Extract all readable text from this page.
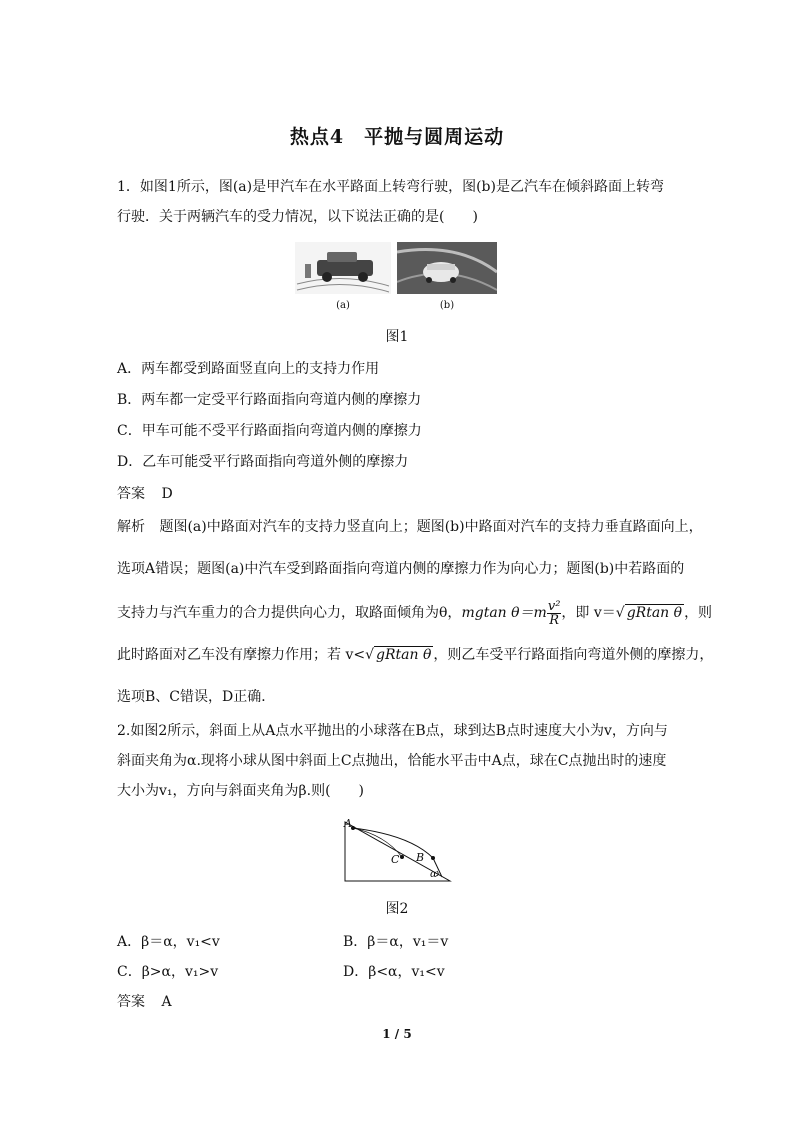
热点4　平抛与圆周运动
1．如图1所示，图(a)是甲汽车在水平路面上转弯行驶，图(b)是乙汽车在倾斜路面上转弯行驶．关于两辆汽车的受力情况，以下说法正确的是(　　)
(a)	(b)
图1
A．两车都受到路面竖直向上的支持力作用
B．两车都一定受平行路面指向弯道内侧的摩擦力
C．甲车可能不受平行路面指向弯道内侧的摩擦力
D．乙车可能受平行路面指向弯道外侧的摩擦力
答案 D
解析 题图(a)中路面对汽车的支持力竖直向上；题图(b)中路面对汽车的支持力垂直路面向上，
选项A错误；题图(a)中汽车受到路面指向弯道内侧的摩擦力作为向心力；题图(b)中若路面的
支持力与汽车重力的合力提供向心力，取路面倾角为θ，mgtan $\theta=m \frac{\text{v²}}{R}$ ，即 v＝√ gRtan θ ，则
此时路面对乙车没有摩擦力作用；若 v<√ gRtan θ ，则乙车受平行路面指向弯道外侧的摩擦力，
选项B、C错误，D正确．
2.如图2所示，斜面上从A点水平抛出的小球落在B点，球到达B点时速度大小为v，方向与斜面夹角为α.现将小球从图中斜面上C点抛出，恰能水平击中A点，球在C点抛出时的速度大小为v₁，方向与斜面夹角为β.则(　　)
A
C B
α
图2
A．β＝α，v₁<v	B．β＝α，v₁＝v
C．β>α，v₁>v	D．β<α，v₁<v
答案 A
1 / 5
